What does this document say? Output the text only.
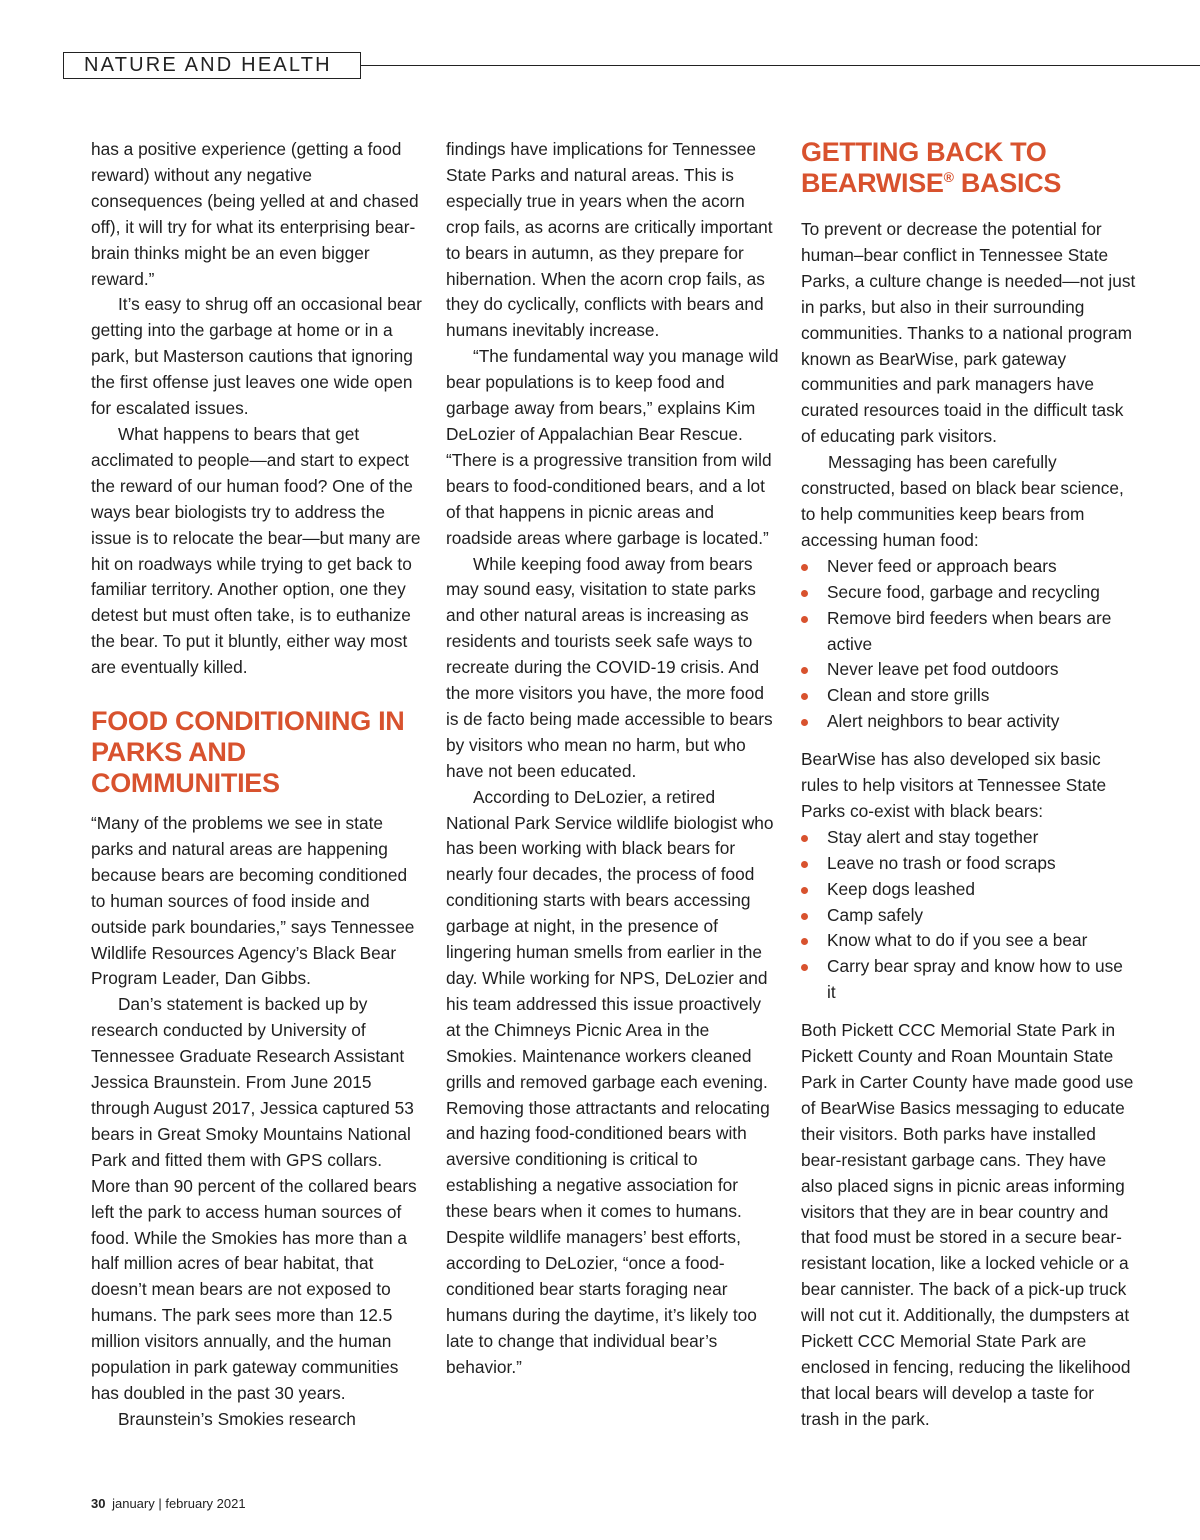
NATURE AND HEALTH

has a positive experience (getting a food reward) without any negative consequences (being yelled at and chased off), it will try for what its enterprising bear-brain thinks might be an even bigger reward.”

It’s easy to shrug off an occasional bear getting into the garbage at home or in a park, but Masterson cautions that ignoring the first offense just leaves one wide open for escalated issues.

What happens to bears that get acclimated to people—and start to expect the reward of our human food? One of the ways bear biologists try to address the issue is to relocate the bear—but many are hit on roadways while trying to get back to familiar territory. Another option, one they detest but must often take, is to euthanize the bear. To put it bluntly, either way most are eventually killed.

FOOD CONDITIONING IN PARKS AND COMMUNITIES

“Many of the problems we see in state parks and natural areas are happening because bears are becoming conditioned to human sources of food inside and outside park boundaries,” says Tennessee Wildlife Resources Agency’s Black Bear Program Leader, Dan Gibbs.

Dan’s statement is backed up by research conducted by University of Tennessee Graduate Research Assistant Jessica Braunstein. From June 2015 through August 2017, Jessica captured 53 bears in Great Smoky Mountains National Park and fitted them with GPS collars. More than 90 percent of the collared bears left the park to access human sources of food. While the Smokies has more than a half million acres of bear habitat, that doesn’t mean bears are not exposed to humans. The park sees more than 12.5 million visitors annually, and the human population in park gateway communities has doubled in the past 30 years.

Braunstein’s Smokies research

findings have implications for Tennessee State Parks and natural areas. This is especially true in years when the acorn crop fails, as acorns are critically important to bears in autumn, as they prepare for hibernation. When the acorn crop fails, as they do cyclically, conflicts with bears and humans inevitably increase.

“The fundamental way you manage wild bear populations is to keep food and garbage away from bears,” explains Kim DeLozier of Appalachian Bear Rescue. “There is a progressive transition from wild bears to food-conditioned bears, and a lot of that happens in picnic areas and roadside areas where garbage is located.”

While keeping food away from bears may sound easy, visitation to state parks and other natural areas is increasing as residents and tourists seek safe ways to recreate during the COVID-19 crisis. And the more visitors you have, the more food is de facto being made accessible to bears by visitors who mean no harm, but who have not been educated.

According to DeLozier, a retired National Park Service wildlife biologist who has been working with black bears for nearly four decades, the process of food conditioning starts with bears accessing garbage at night, in the presence of lingering human smells from earlier in the day. While working for NPS, DeLozier and his team addressed this issue proactively at the Chimneys Picnic Area in the Smokies. Maintenance workers cleaned grills and removed garbage each evening. Removing those attractants and relocating and hazing food-conditioned bears with aversive conditioning is critical to establishing a negative association for these bears when it comes to humans. Despite wildlife managers’ best efforts, according to DeLozier, “once a food-conditioned bear starts foraging near humans during the daytime, it’s likely too late to change that individual bear’s behavior.”

GETTING BACK TO
BEARWISE® BASICS

To prevent or decrease the potential for human–bear conflict in Tennessee State Parks, a culture change is needed—not just in parks, but also in their surrounding communities. Thanks to a national program known as BearWise, park gateway communities and park managers have curated resources toaid in the difficult task of educating park visitors.

Messaging has been carefully constructed, based on black bear science, to help communities keep bears from accessing human food:

Never feed or approach bears
Secure food, garbage and recycling
Remove bird feeders when bears are active
Never leave pet food outdoors
Clean and store grills
Alert neighbors to bear activity

BearWise has also developed six basic rules to help visitors at Tennessee State Parks co-exist with black bears:

Stay alert and stay together
Leave no trash or food scraps
Keep dogs leashed
Camp safely
Know what to do if you see a bear
Carry bear spray and know how to use it

Both Pickett CCC Memorial State Park in Pickett County and Roan Mountain State Park in Carter County have made good use of BearWise Basics messaging to educate their visitors. Both parks have installed bear-resistant garbage cans. They have also placed signs in picnic areas informing visitors that they are in bear country and that food must be stored in a secure bear-resistant location, like a locked vehicle or a bear cannister. The back of a pick-up truck will not cut it. Additionally, the dumpsters at Pickett CCC Memorial State Park are enclosed in fencing, reducing the likelihood that local bears will develop a taste for trash in the park.

30 january | february 2021
